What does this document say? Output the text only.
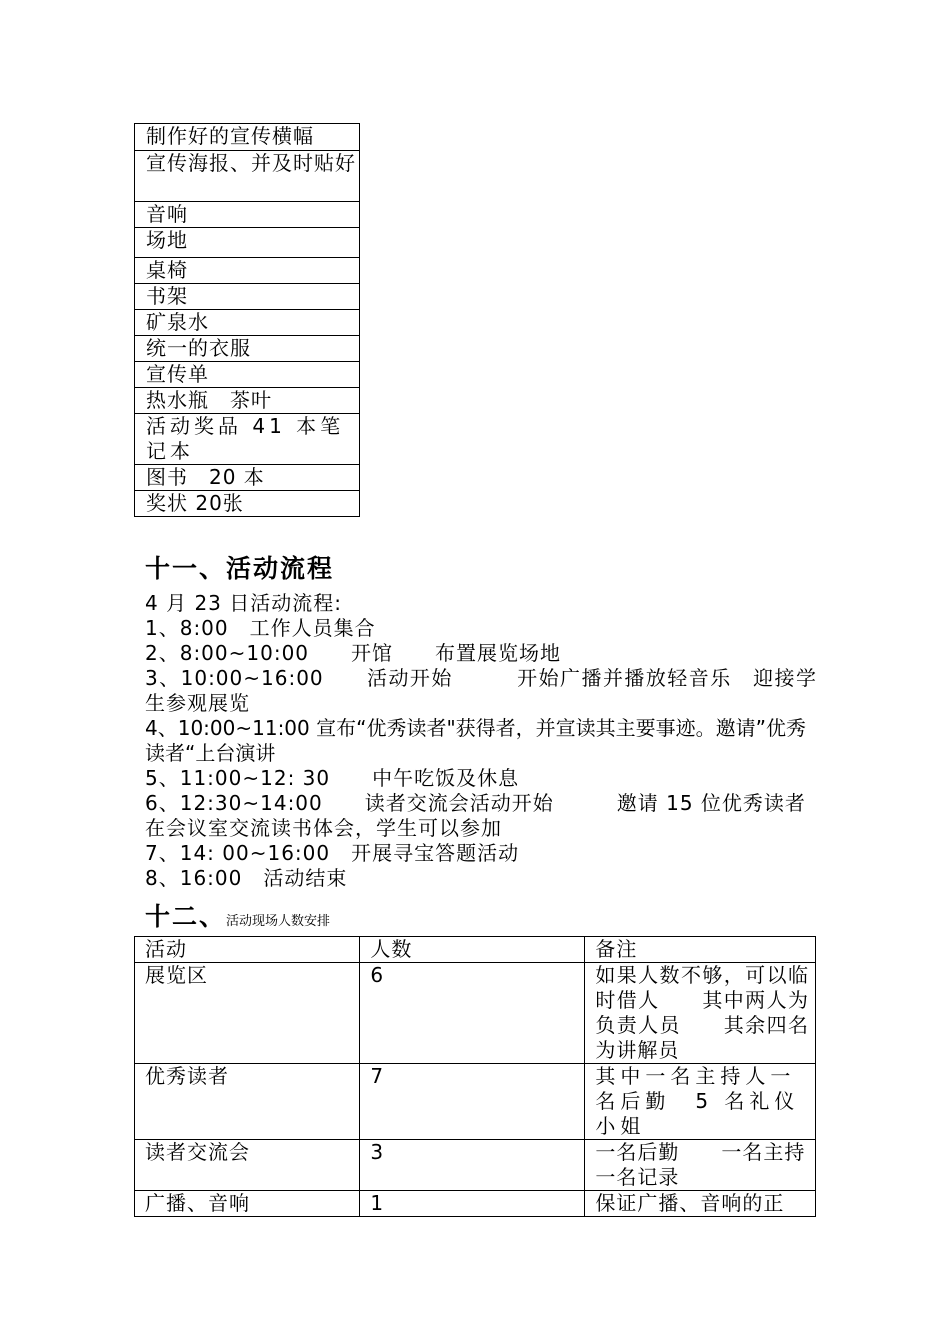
制作好的宣传横幅
宣传海报、并及时贴好
音响
场地
桌椅
书架
矿泉水
统一的衣服
宣传单
热水瓶　茶叶
活动奖品 41 本笔记本
图书　20 本
奖状 20张
十一、活动流程
4 月 23 日活动流程:
1、8:00　工作人员集合
2、8:00~10:00　　开馆　　布置展览场地
3、10:00~16:00　　活动开始　　　开始广播并播放轻音乐　迎接学生参观展览
4、10:00~11:00 宣布“优秀读者"获得者，并宣读其主要事迹。邀请”优秀读者“上台演讲
5、11:00~12: 30　　中午吃饭及休息
6、12:30~14:00　　读者交流会活动开始　　　邀请 15 位优秀读者在会议室交流读书体会，学生可以参加
7、14: 00~16:00　开展寻宝答题活动
8、16:00　活动结束
十二、活动现场人数安排
活动	人数	备注
展览区	6	如果人数不够，可以临时借人　　其中两人为负责人员　　其余四名为讲解员
优秀读者	7	其中一名主持人一名后勤　5 名礼仪小姐
读者交流会	3	一名后勤　　一名主持　　一名记录
广播、音响	1	保证广播、音响的正
